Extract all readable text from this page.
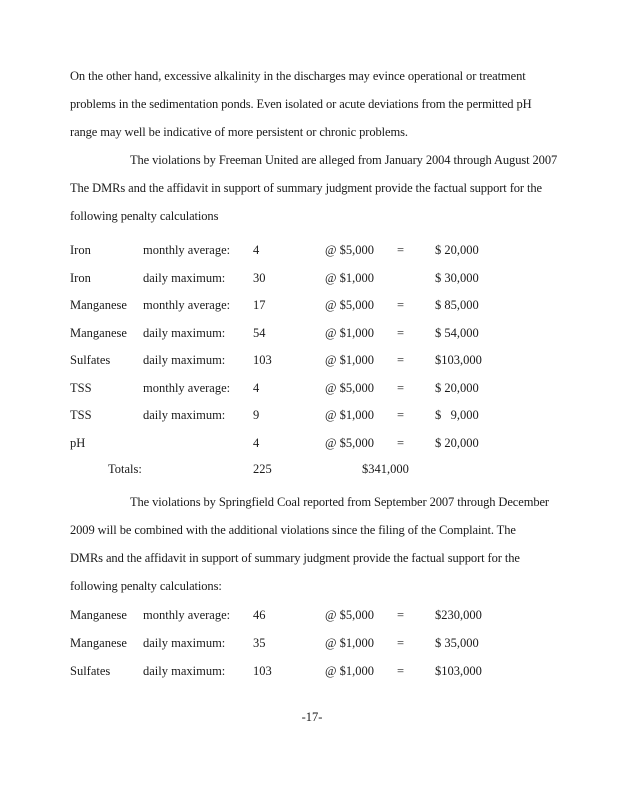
On the other hand, excessive alkalinity in the discharges may evince operational or treatment
problems in the sedimentation ponds. Even isolated or acute deviations from the permitted pH
range may well be indicative of more persistent or chronic problems.
The violations by Freeman United are alleged from January 2004 through August 2007
The DMRs and the affidavit in support of summary judgment provide the factual support for the
following penalty calculations
Iron	monthly average: 4	@ $5,000 = $ 20,000
Iron	daily maximum: 30	@ $1,000	$ 30,000
Manganese monthly average: 17	@ $5,000 = $ 85,000
Manganese daily maximum: 54	@ $1,000 = $ 54,000
Sulfates	daily maximum: 103	@ $1,000 = $103,000
TSS	monthly average: 4	@ $5,000 = $ 20,000
TSS	daily maximum: 9	@ $1,000 = $   9,000
pH	4	@ $5,000 = $ 20,000
Totals:	225	$341,000
The violations by Springfield Coal reported from September 2007 through December
2009 will be combined with the additional violations since the filing of the Complaint. The
DMRs and the affidavit in support of summary judgment provide the factual support for the
following penalty calculations:
Manganese monthly average: 46	@ $5,000 = $230,000
Manganese daily maximum: 35	@ $1,000 = $ 35,000
Sulfates	daily maximum: 103	@ $1,000 = $103,000
-17-
